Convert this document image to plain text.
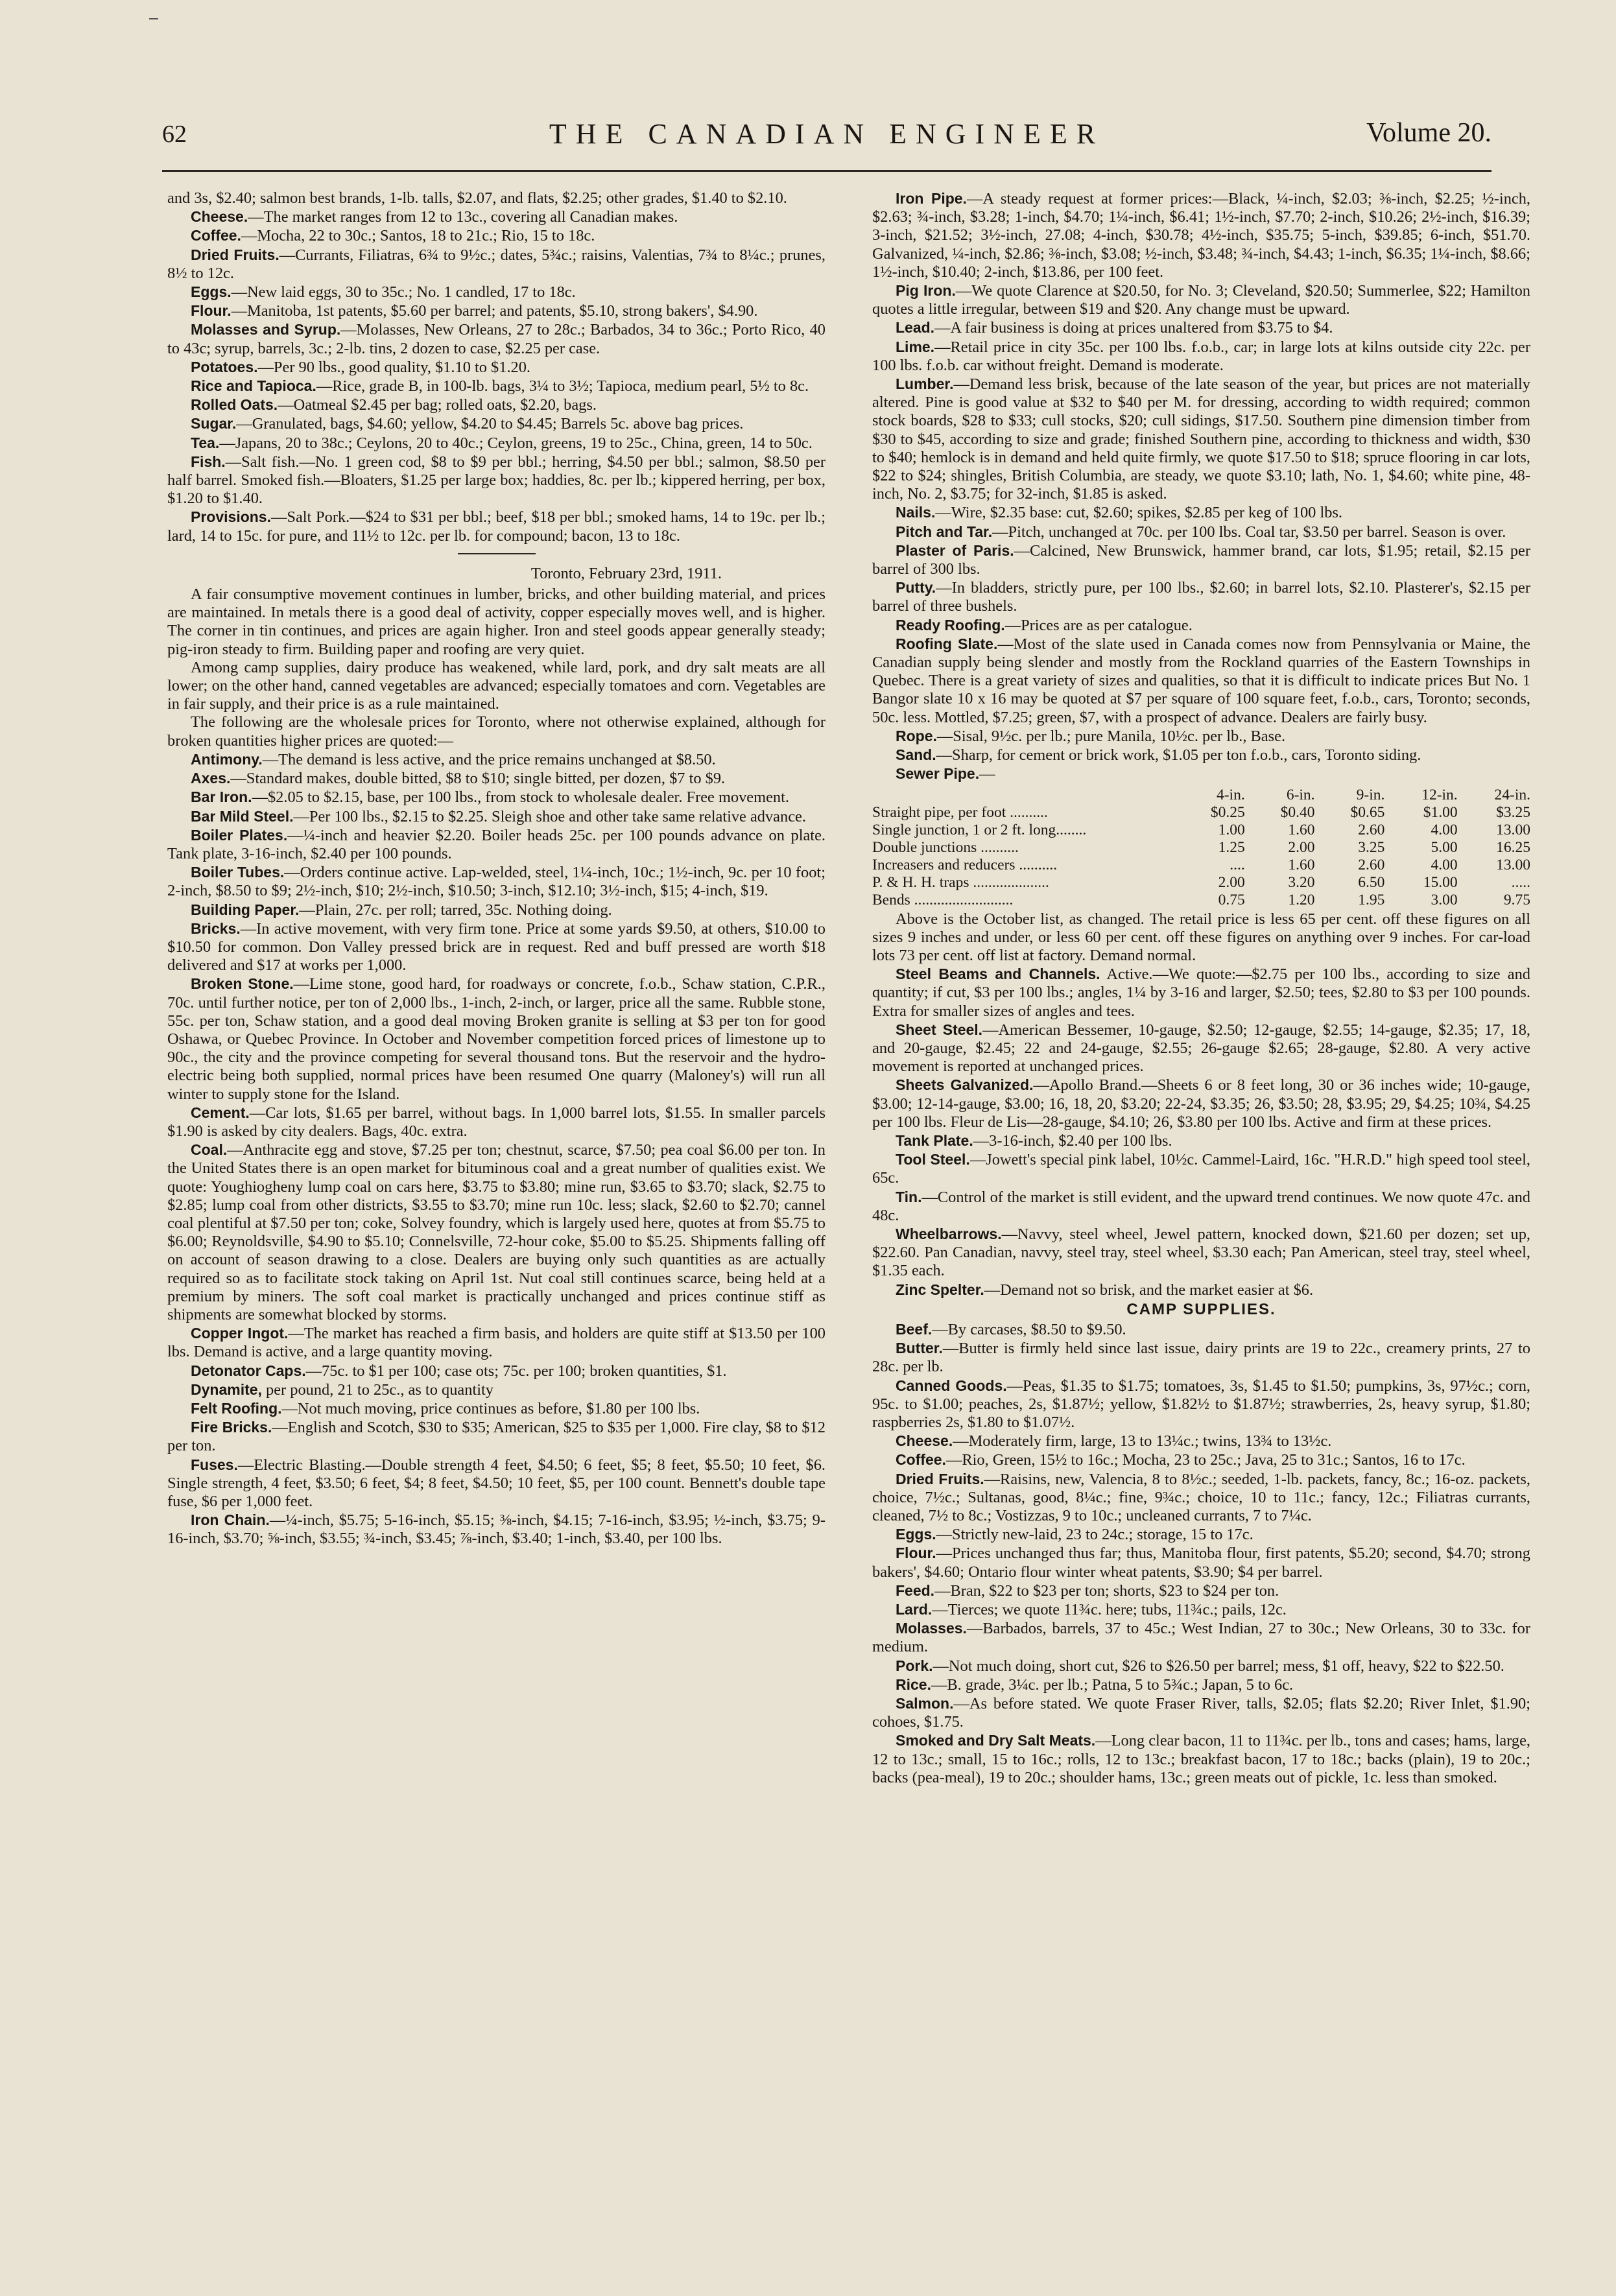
62	THE CANADIAN ENGINEER	Volume 20.

and 3s, $2.40; salmon best brands, 1-lb. talls, $2.07, and flats, $2.25; other grades, $1.40 to $2.10.

Cheese.—The market ranges from 12 to 13c., covering all Canadian makes.

Coffee.—Mocha, 22 to 30c.; Santos, 18 to 21c.; Rio, 15 to 18c.

Dried Fruits.—Currants, Filiatras, 6¾ to 9½c.; dates, 5¾c.; raisins, Valentias, 7¾ to 8¼c.; prunes, 8½ to 12c.

Eggs.—New laid eggs, 30 to 35c.; No. 1 candled, 17 to 18c.

Flour.—Manitoba, 1st patents, $5.60 per barrel; and patents, $5.10, strong bakers', $4.90.

Molasses and Syrup.—Molasses, New Orleans, 27 to 28c.; Barbados, 34 to 36c.; Porto Rico, 40 to 43c; syrup, barrels, 3c.; 2-lb. tins, 2 dozen to case, $2.25 per case.

Potatoes.—Per 90 lbs., good quality, $1.10 to $1.20.

Rice and Tapioca.—Rice, grade B, in 100-lb. bags, 3¼ to 3½; Tapioca, medium pearl, 5½ to 8c.

Rolled Oats.—Oatmeal $2.45 per bag; rolled oats, $2.20, bags.

Sugar.—Granulated, bags, $4.60; yellow, $4.20 to $4.45; Barrels 5c. above bag prices.

Tea.—Japans, 20 to 38c.; Ceylons, 20 to 40c.; Ceylon, greens, 19 to 25c., China, green, 14 to 50c.

Fish.—Salt fish.—No. 1 green cod, $8 to $9 per bbl.; herring, $4.50 per bbl.; salmon, $8.50 per half barrel. Smoked fish.—Bloaters, $1.25 per large box; haddies, 8c. per lb.; kippered herring, per box, $1.20 to $1.40.

Provisions.—Salt Pork.—$24 to $31 per bbl.; beef, $18 per bbl.; smoked hams, 14 to 19c. per lb.; lard, 14 to 15c. for pure, and 11½ to 12c. per lb. for compound; bacon, 13 to 18c.

Toronto, February 23rd, 1911.

A fair consumptive movement continues in lumber, bricks, and other building material, and prices are maintained. In metals there is a good deal of activity, copper especially moves well, and is higher. The corner in tin continues, and prices are again higher. Iron and steel goods appear generally steady; pig-iron steady to firm. Building paper and roofing are very quiet.

Among camp supplies, dairy produce has weakened, while lard, pork, and dry salt meats are all lower; on the other hand, canned vegetables are advanced; especially tomatoes and corn. Vegetables are in fair supply, and their price is as a rule maintained.

The following are the wholesale prices for Toronto, where not otherwise explained, although for broken quantities higher prices are quoted:—

Antimony.—The demand is less active, and the price remains unchanged at $8.50.

Axes.—Standard makes, double bitted, $8 to $10; single bitted, per dozen, $7 to $9.

Bar Iron.—$2.05 to $2.15, base, per 100 lbs., from stock to wholesale dealer. Free movement.

Bar Mild Steel.—Per 100 lbs., $2.15 to $2.25. Sleigh shoe and other take same relative advance.

Boiler Plates.—¼-inch and heavier $2.20. Boiler heads 25c. per 100 pounds advance on plate. Tank plate, 3-16-inch, $2.40 per 100 pounds.

Boiler Tubes.—Orders continue active. Lap-welded, steel, 1¼-inch, 10c.; 1½-inch, 9c. per 10 foot; 2-inch, $8.50 to $9; 2½-inch, $10; 2½-inch, $10.50; 3-inch, $12.10; 3½-inch, $15; 4-inch, $19.

Building Paper.—Plain, 27c. per roll; tarred, 35c. Nothing doing.

Bricks.—In active movement, with very firm tone. Price at some yards $9.50, at others, $10.00 to $10.50 for common. Don Valley pressed brick are in request. Red and buff pressed are worth $18 delivered and $17 at works per 1,000.

Broken Stone.—Lime stone, good hard, for roadways or concrete, f.o.b., Schaw station, C.P.R., 70c. until further notice, per ton of 2,000 lbs., 1-inch, 2-inch, or larger, price all the same. Rubble stone, 55c. per ton, Schaw station, and a good deal moving Broken granite is selling at $3 per ton for good Oshawa, or Quebec Province. In October and November competition forced prices of limestone up to 90c., the city and the province competing for several thousand tons. But the reservoir and the hydro-electric being both supplied, normal prices have been resumed One quarry (Maloney's) will run all winter to supply stone for the Island.

Cement.—Car lots, $1.65 per barrel, without bags. In 1,000 barrel lots, $1.55. In smaller parcels $1.90 is asked by city dealers. Bags, 40c. extra.

Coal.—Anthracite egg and stove, $7.25 per ton; chestnut, scarce, $7.50; pea coal $6.00 per ton. In the United States there is an open market for bituminous coal and a great number of qualities exist. We quote: Youghiogheny lump coal on cars here, $3.75 to $3.80; mine run, $3.65 to $3.70; slack, $2.75 to $2.85; lump coal from other districts, $3.55 to $3.70; mine run 10c. less; slack, $2.60 to $2.70; cannel coal plentiful at $7.50 per ton; coke, Solvey foundry, which is largely used here, quotes at from $5.75 to $6.00; Reynoldsville, $4.90 to $5.10; Connelsville, 72-hour coke, $5.00 to $5.25. Shipments falling off on account of season drawing to a close. Dealers are buying only such quantities as are actually required so as to facilitate stock taking on April 1st. Nut coal still continues scarce, being held at a premium by miners. The soft coal market is practically unchanged and prices continue stiff as shipments are somewhat blocked by storms.

Copper Ingot.—The market has reached a firm basis, and holders are quite stiff at $13.50 per 100 lbs. Demand is active, and a large quantity moving.

Detonator Caps.—75c. to $1 per 100; case ots; 75c. per 100; broken quantities, $1.

Dynamite, per pound, 21 to 25c., as to quantity

Felt Roofing.—Not much moving, price continues as before, $1.80 per 100 lbs.

Fire Bricks.—English and Scotch, $30 to $35; American, $25 to $35 per 1,000. Fire clay, $8 to $12 per ton.

Fuses.—Electric Blasting.—Double strength 4 feet, $4.50; 6 feet, $5; 8 feet, $5.50; 10 feet, $6. Single strength, 4 feet, $3.50; 6 feet, $4; 8 feet, $4.50; 10 feet, $5, per 100 count. Bennett's double tape fuse, $6 per 1,000 feet.

Iron Chain.—¼-inch, $5.75; 5-16-inch, $5.15; ⅜-inch, $4.15; 7-16-inch, $3.95; ½-inch, $3.75; 9-16-inch, $3.70; ⅝-inch, $3.55; ¾-inch, $3.45; ⅞-inch, $3.40; 1-inch, $3.40, per 100 lbs.

Iron Pipe.—A steady request at former prices:—Black, ¼-inch, $2.03; ⅜-inch, $2.25; ½-inch, $2.63; ¾-inch, $3.28; 1-inch, $4.70; 1¼-inch, $6.41; 1½-inch, $7.70; 2-inch, $10.26; 2½-inch, $16.39; 3-inch, $21.52; 3½-inch, 27.08; 4-inch, $30.78; 4½-inch, $35.75; 5-inch, $39.85; 6-inch, $51.70. Galvanized, ¼-inch, $2.86; ⅜-inch, $3.08; ½-inch, $3.48; ¾-inch, $4.43; 1-inch, $6.35; 1¼-inch, $8.66; 1½-inch, $10.40; 2-inch, $13.86, per 100 feet.

Pig Iron.—We quote Clarence at $20.50, for No. 3; Cleveland, $20.50; Summerlee, $22; Hamilton quotes a little irregular, between $19 and $20. Any change must be upward.

Lead.—A fair business is doing at prices unaltered from $3.75 to $4.

Lime.—Retail price in city 35c. per 100 lbs. f.o.b., car; in large lots at kilns outside city 22c. per 100 lbs. f.o.b. car without freight. Demand is moderate.

Lumber.—Demand less brisk, because of the late season of the year, but prices are not materially altered. Pine is good value at $32 to $40 per M. for dressing, according to width required; common stock boards, $28 to $33; cull stocks, $20; cull sidings, $17.50. Southern pine dimension timber from $30 to $45, according to size and grade; finished Southern pine, according to thickness and width, $30 to $40; hemlock is in demand and held quite firmly, we quote $17.50 to $18; spruce flooring in car lots, $22 to $24; shingles, British Columbia, are steady, we quote $3.10; lath, No. 1, $4.60; white pine, 48-inch, No. 2, $3.75; for 32-inch, $1.85 is asked.

Nails.—Wire, $2.35 base: cut, $2.60; spikes, $2.85 per keg of 100 lbs.

Pitch and Tar.—Pitch, unchanged at 70c. per 100 lbs. Coal tar, $3.50 per barrel. Season is over.

Plaster of Paris.—Calcined, New Brunswick, hammer brand, car lots, $1.95; retail, $2.15 per barrel of 300 lbs.

Putty.—In bladders, strictly pure, per 100 lbs., $2.60; in barrel lots, $2.10. Plasterer's, $2.15 per barrel of three bushels.

Ready Roofing.—Prices are as per catalogue.

Roofing Slate.—Most of the slate used in Canada comes now from Pennsylvania or Maine, the Canadian supply being slender and mostly from the Rockland quarries of the Eastern Townships in Quebec. There is a great variety of sizes and qualities, so that it is difficult to indicate prices But No. 1 Bangor slate 10 x 16 may be quoted at $7 per square of 100 square feet, f.o.b., cars, Toronto; seconds, 50c. less. Mottled, $7.25; green, $7, with a prospect of advance. Dealers are fairly busy.

Rope.—Sisal, 9½c. per lb.; pure Manila, 10½c. per lb., Base.

Sand.—Sharp, for cement or brick work, $1.05 per ton f.o.b., cars, Toronto siding.

Sewer Pipe.—

	4-in.	6-in.	9-in.	12-in.	24-in.
Straight pipe, per foot ..........	$0.25	$0.40	$0.65	$1.00	$3.25
Single junction, 1 or 2 ft. long........	1.00	1.60	2.60	4.00	13.00
Double junctions ..........	1.25	2.00	3.25	5.00	16.25
Increasers and reducers ..........	....	1.60	2.60	4.00	13.00
P. & H. H. traps ....................	2.00	3.20	6.50	15.00	.....
Bends ..........................	0.75	1.20	1.95	3.00	9.75

Above is the October list, as changed. The retail price is less 65 per cent. off these figures on all sizes 9 inches and under, or less 60 per cent. off these figures on anything over 9 inches. For car-load lots 73 per cent. off list at factory. Demand normal.

Steel Beams and Channels. Active.—We quote:—$2.75 per 100 lbs., according to size and quantity; if cut, $3 per 100 lbs.; angles, 1¼ by 3-16 and larger, $2.50; tees, $2.80 to $3 per 100 pounds. Extra for smaller sizes of angles and tees.

Sheet Steel.—American Bessemer, 10-gauge, $2.50; 12-gauge, $2.55; 14-gauge, $2.35; 17, 18, and 20-gauge, $2.45; 22 and 24-gauge, $2.55; 26-gauge $2.65; 28-gauge, $2.80. A very active movement is reported at unchanged prices.

Sheets Galvanized.—Apollo Brand.—Sheets 6 or 8 feet long, 30 or 36 inches wide; 10-gauge, $3.00; 12-14-gauge, $3.00; 16, 18, 20, $3.20; 22-24, $3.35; 26, $3.50; 28, $3.95; 29, $4.25; 10¾, $4.25 per 100 lbs. Fleur de Lis—28-gauge, $4.10; 26, $3.80 per 100 lbs. Active and firm at these prices.

Tank Plate.—3-16-inch, $2.40 per 100 lbs.

Tool Steel.—Jowett's special pink label, 10½c. Cammel-Laird, 16c. "H.R.D." high speed tool steel, 65c.

Tin.—Control of the market is still evident, and the upward trend continues. We now quote 47c. and 48c.

Wheelbarrows.—Navvy, steel wheel, Jewel pattern, knocked down, $21.60 per dozen; set up, $22.60. Pan Canadian, navvy, steel tray, steel wheel, $3.30 each; Pan American, steel tray, steel wheel, $1.35 each.

Zinc Spelter.—Demand not so brisk, and the market easier at $6.

CAMP SUPPLIES.

Beef.—By carcases, $8.50 to $9.50.

Butter.—Butter is firmly held since last issue, dairy prints are 19 to 22c., creamery prints, 27 to 28c. per lb.

Canned Goods.—Peas, $1.35 to $1.75; tomatoes, 3s, $1.45 to $1.50; pumpkins, 3s, 97½c.; corn, 95c. to $1.00; peaches, 2s, $1.87½; yellow, $1.82½ to $1.87½; strawberries, 2s, heavy syrup, $1.80; raspberries 2s, $1.80 to $1.07½.

Cheese.—Moderately firm, large, 13 to 13¼c.; twins, 13¾ to 13½c.

Coffee.—Rio, Green, 15½ to 16c.; Mocha, 23 to 25c.; Java, 25 to 31c.; Santos, 16 to 17c.

Dried Fruits.—Raisins, new, Valencia, 8 to 8½c.; seeded, 1-lb. packets, fancy, 8c.; 16-oz. packets, choice, 7½c.; Sultanas, good, 8¼c.; fine, 9¾c.; choice, 10 to 11c.; fancy, 12c.; Filiatras currants, cleaned, 7½ to 8c.; Vostizzas, 9 to 10c.; uncleaned currants, 7 to 7¼c.

Eggs.—Strictly new-laid, 23 to 24c.; storage, 15 to 17c.

Flour.—Prices unchanged thus far; thus, Manitoba flour, first patents, $5.20; second, $4.70; strong bakers', $4.60; Ontario flour winter wheat patents, $3.90; $4 per barrel.

Feed.—Bran, $22 to $23 per ton; shorts, $23 to $24 per ton.

Lard.—Tierces; we quote 11¾c. here; tubs, 11¾c.; pails, 12c.

Molasses.—Barbados, barrels, 37 to 45c.; West Indian, 27 to 30c.; New Orleans, 30 to 33c. for medium.

Pork.—Not much doing, short cut, $26 to $26.50 per barrel; mess, $1 off, heavy, $22 to $22.50.

Rice.—B. grade, 3¼c. per lb.; Patna, 5 to 5¾c.; Japan, 5 to 6c.

Salmon.—As before stated. We quote Fraser River, talls, $2.05; flats $2.20; River Inlet, $1.90; cohoes, $1.75.

Smoked and Dry Salt Meats.—Long clear bacon, 11 to 11¾c. per lb., tons and cases; hams, large, 12 to 13c.; small, 15 to 16c.; rolls, 12 to 13c.; breakfast bacon, 17 to 18c.; backs (plain), 19 to 20c.; backs (pea-meal), 19 to 20c.; shoulder hams, 13c.; green meats out of pickle, 1c. less than smoked.
